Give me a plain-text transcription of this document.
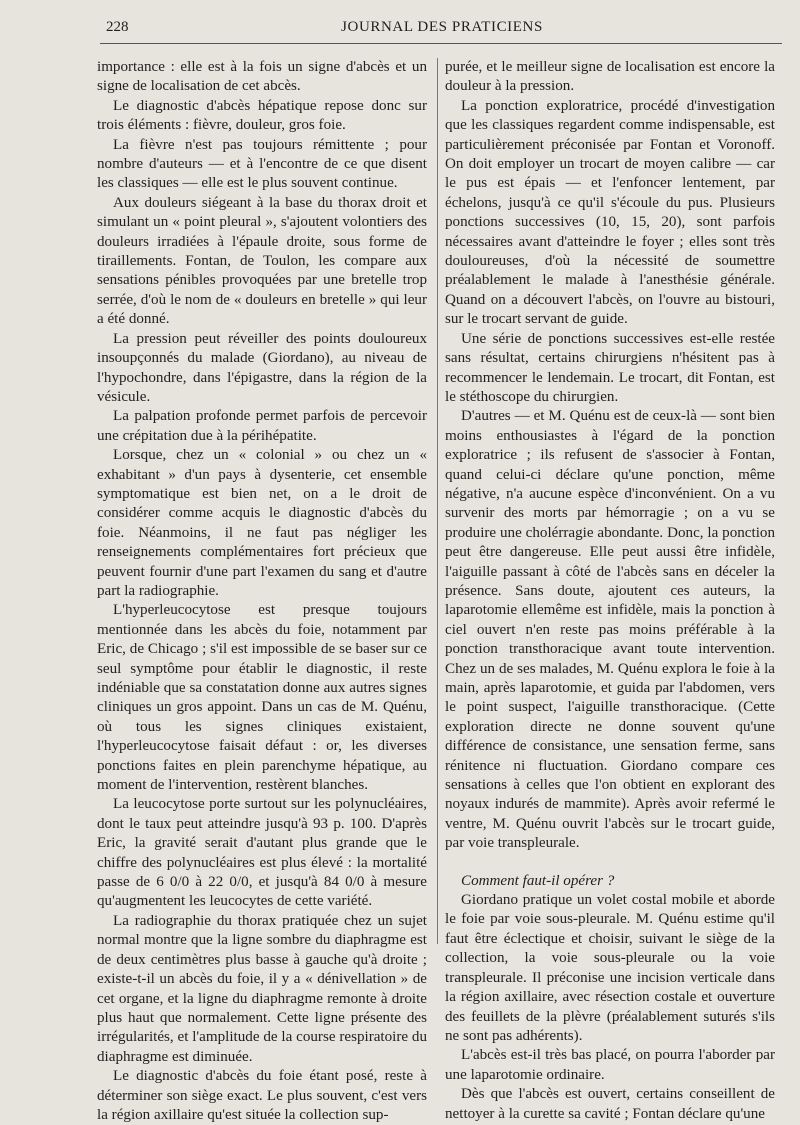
228	JOURNAL DES PRATICIENS

importance : elle est à la fois un signe d'abcès et un signe de localisation de cet abcès.

Le diagnostic d'abcès hépatique repose donc sur trois éléments : fièvre, douleur, gros foie.

La fièvre n'est pas toujours rémittente ; pour nombre d'auteurs — et à l'encontre de ce que disent les classiques — elle est le plus souvent continue.

Aux douleurs siégeant à la base du thorax droit et simulant un « point pleural », s'ajoutent volontiers des douleurs irradiées à l'épaule droite, sous forme de tiraillements. Fontan, de Toulon, les compare aux sensations pénibles provoquées par une bretelle trop serrée, d'où le nom de « douleurs en bretelle » qui leur a été donné.

La pression peut réveiller des points douloureux insoupçonnés du malade (Giordano), au niveau de l'hypochondre, dans l'épigastre, dans la région de la vésicule.

La palpation profonde permet parfois de percevoir une crépitation due à la périhépatite.

Lorsque, chez un « colonial » ou chez un « exhabitant » d'un pays à dysenterie, cet ensemble symptomatique est bien net, on a le droit de considérer comme acquis le diagnostic d'abcès du foie. Néanmoins, il ne faut pas négliger les renseignements complémentaires fort précieux que peuvent fournir d'une part l'examen du sang et d'autre part la radiographie.

L'hyperleucocytose est presque toujours mentionnée dans les abcès du foie, notamment par Eric, de Chicago ; s'il est impossible de se baser sur ce seul symptôme pour établir le diagnostic, il reste indéniable que sa constatation donne aux autres signes cliniques un gros appoint. Dans un cas de M. Quénu, où tous les signes cliniques existaient, l'hyperleucocytose faisait défaut : or, les diverses ponctions faites en plein parenchyme hépatique, au moment de l'intervention, restèrent blanches.

La leucocytose porte surtout sur les polynucléaires, dont le taux peut atteindre jusqu'à 93 p. 100. D'après Eric, la gravité serait d'autant plus grande que le chiffre des polynucléaires est plus élevé : la mortalité passe de 6 0/0 à 22 0/0, et jusqu'à 84 0/0 à mesure qu'augmentent les leucocytes de cette variété.

La radiographie du thorax pratiquée chez un sujet normal montre que la ligne sombre du diaphragme est de deux centimètres plus basse à gauche qu'à droite ; existe-t-il un abcès du foie, il y a « dénivellation » de cet organe, et la ligne du diaphragme remonte à droite plus haut que normalement. Cette ligne présente des irrégularités, et l'amplitude de la course respiratoire du diaphragme est diminuée.

Le diagnostic d'abcès du foie étant posé, reste à déterminer son siège exact. Le plus souvent, c'est vers la région axillaire qu'est située la collection sup-

purée, et le meilleur signe de localisation est encore la douleur à la pression.

La ponction exploratrice, procédé d'investigation que les classiques regardent comme indispensable, est particulièrement préconisée par Fontan et Voronoff. On doit employer un trocart de moyen calibre — car le pus est épais — et l'enfoncer lentement, par échelons, jusqu'à ce qu'il s'écoule du pus. Plusieurs ponctions successives (10, 15, 20), sont parfois nécessaires avant d'atteindre le foyer ; elles sont très douloureuses, d'où la nécessité de soumettre préalablement le malade à l'anesthésie générale. Quand on a découvert l'abcès, on l'ouvre au bistouri, sur le trocart servant de guide.

Une série de ponctions successives est-elle restée sans résultat, certains chirurgiens n'hésitent pas à recommencer le lendemain. Le trocart, dit Fontan, est le stéthoscope du chirurgien.

D'autres — et M. Quénu est de ceux-là — sont bien moins enthousiastes à l'égard de la ponction exploratrice ; ils refusent de s'associer à Fontan, quand celui-ci déclare qu'une ponction, même négative, n'a aucune espèce d'inconvénient. On a vu survenir des morts par hémorragie ; on a vu se produire une cholérragie abondante. Donc, la ponction peut être dangereuse. Elle peut aussi être infidèle, l'aiguille passant à côté de l'abcès sans en déceler la présence. Sans doute, ajoutent ces auteurs, la laparotomie ellemême est infidèle, mais la ponction à ciel ouvert n'en reste pas moins préférable à la ponction transthoracique avant toute intervention. Chez un de ses malades, M. Quénu explora le foie à la main, après laparotomie, et guida par l'abdomen, vers le point suspect, l'aiguille transthoracique. (Cette exploration directe ne donne souvent qu'une différence de consistance, une sensation ferme, sans rénitence ni fluctuation. Giordano compare ces sensations à celles que l'on obtient en explorant des noyaux indurés de mammite). Après avoir refermé le ventre, M. Quénu ouvrit l'abcès sur le trocart guide, par voie transpleurale.

Comment faut-il opérer ?

Giordano pratique un volet costal mobile et aborde le foie par voie sous-pleurale. M. Quénu estime qu'il faut être éclectique et choisir, suivant le siège de la collection, la voie sous-pleurale ou la voie transpleurale. Il préconise une incision verticale dans la région axillaire, avec résection costale et ouverture des feuillets de la plèvre (préalablement suturés s'ils ne sont pas adhérents).

L'abcès est-il très bas placé, on pourra l'aborder par une laparotomie ordinaire.

Dès que l'abcès est ouvert, certains conseillent de nettoyer à la curette sa cavité ; Fontan déclare qu'une
